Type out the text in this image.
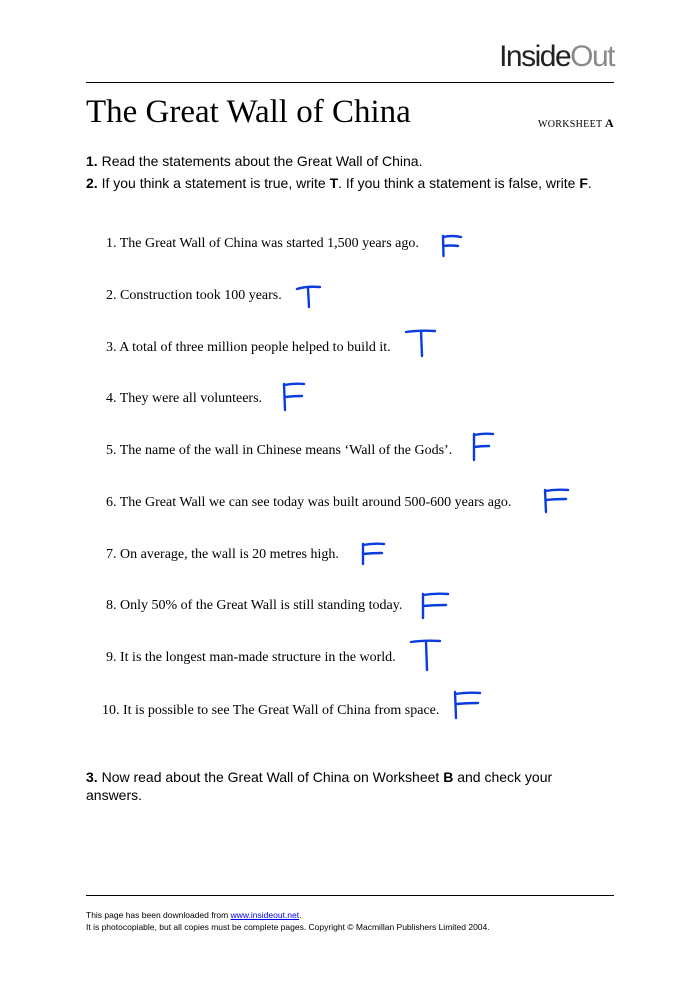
InsideOut
The Great Wall of China	WORKSHEET A
1. Read the statements about the Great Wall of China.
2. If you think a statement is true, write T. If you think a statement is false, write F.
1. The Great Wall of China was started 1,500 years ago.
2. Construction took 100 years.
3. A total of three million people helped to build it.
4. They were all volunteers.
5. The name of the wall in Chinese means ‘Wall of the Gods’.
6. The Great Wall we can see today was built around 500-600 years ago.
7. On average, the wall is 20 metres high.
8. Only 50% of the Great Wall is still standing today.
9. It is the longest man-made structure in the world.
10. It is possible to see The Great Wall of China from space.
3. Now read about the Great Wall of China on Worksheet B and check your answers.
This page has been downloaded from www.insideout.net.
It is photocopiable, but all copies must be complete pages. Copyright © Macmillan Publishers Limited 2004.
